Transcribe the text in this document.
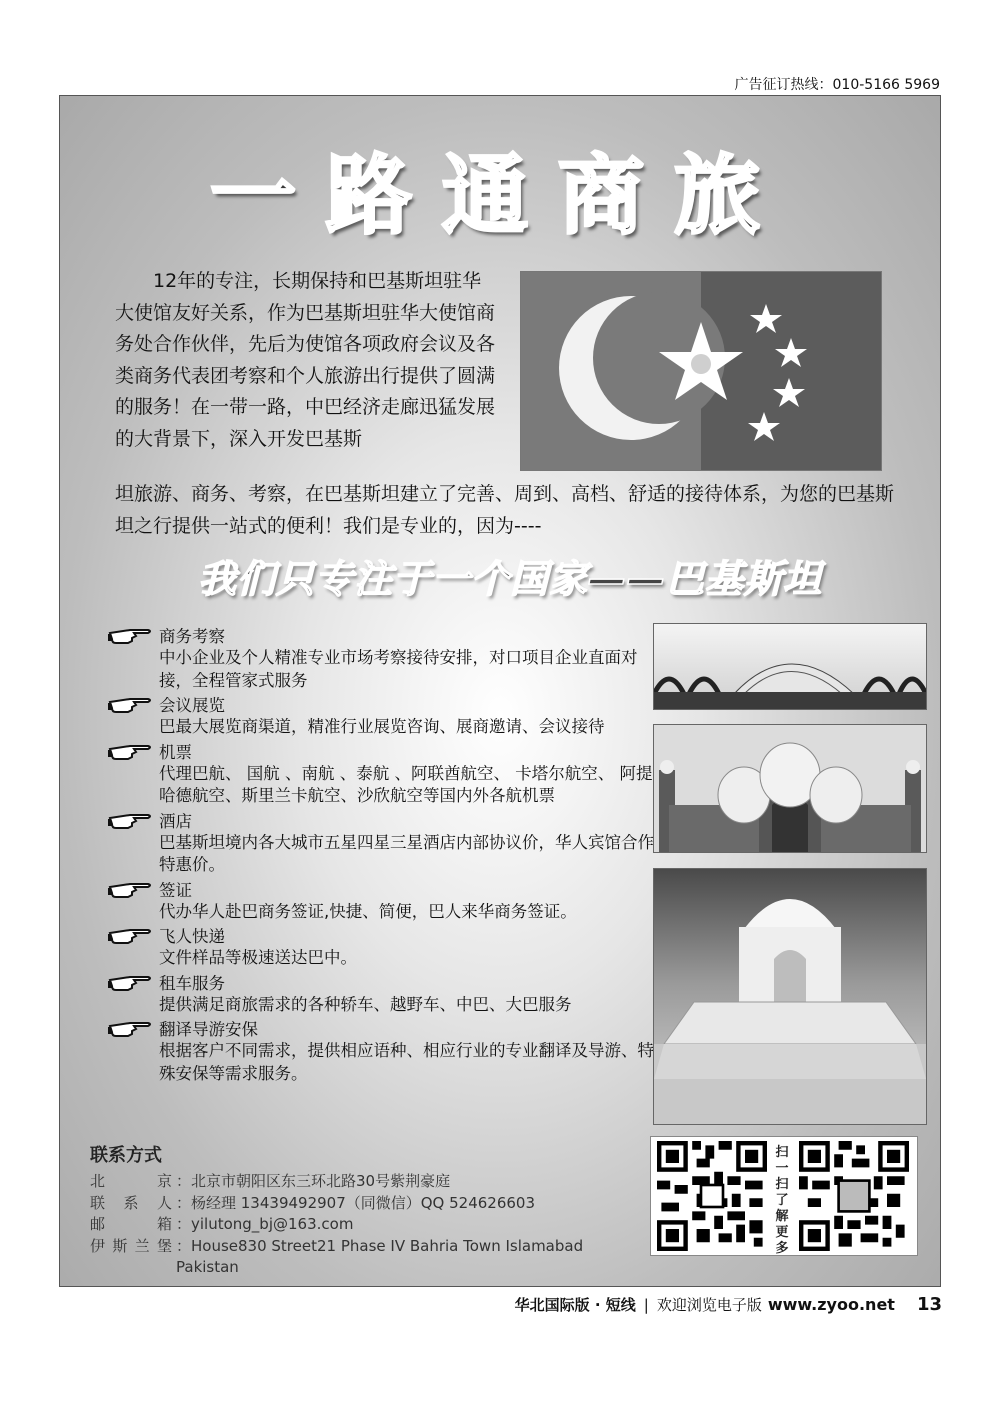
广告征订热线：010-5166 5969
一路通商旅
12年的专注，长期保持和巴基斯坦驻华大使馆友好关系，作为巴基斯坦驻华大使馆商务处合作伙伴，先后为使馆各项政府会议及各类商务代表团考察和个人旅游出行提供了圆满的服务！在一带一路，中巴经济走廊迅猛发展的大背景下，深入开发巴基斯
坦旅游、商务、考察，在巴基斯坦建立了完善、周到、高档、舒适的接待体系，为您的巴基斯坦之行提供一站式的便利！我们是专业的，因为----
我们只专注于一个国家——巴基斯坦
商务考察
中小企业及个人精准专业市场考察接待安排，对口项目企业直面对接，全程管家式服务
会议展览
巴最大展览商渠道，精准行业展览咨询、展商邀请、会议接待
机票
代理巴航、 国航 、南航 、泰航 、阿联酋航空、 卡塔尔航空、 阿提哈德航空、斯里兰卡航空、沙欣航空等国内外各航机票
酒店
巴基斯坦境内各大城市五星四星三星酒店内部协议价，华人宾馆合作特惠价。
签证
代办华人赴巴商务签证,快捷、简便，巴人来华商务签证。
飞人快递
文件样品等极速送达巴中。
租车服务
提供满足商旅需求的各种轿车、越野车、中巴、大巴服务
翻译导游安保
根据客户不同需求，提供相应语种、相应行业的专业翻译及导游、特殊安保等需求服务。
联系方式
北京 ：北京市朝阳区东三环北路30号紫荆豪庭
联系人 ：杨经理 13439492907（同微信）QQ 524626603
邮箱 ：yilutong_bj@163.com
伊斯兰堡 ：House830 Street21 Phase IV Bahria Town Islamabad Pakistan
扫一扫了解更多
华北国际版 · 短线 | 欢迎浏览电子版 www.zyoo.net 13
